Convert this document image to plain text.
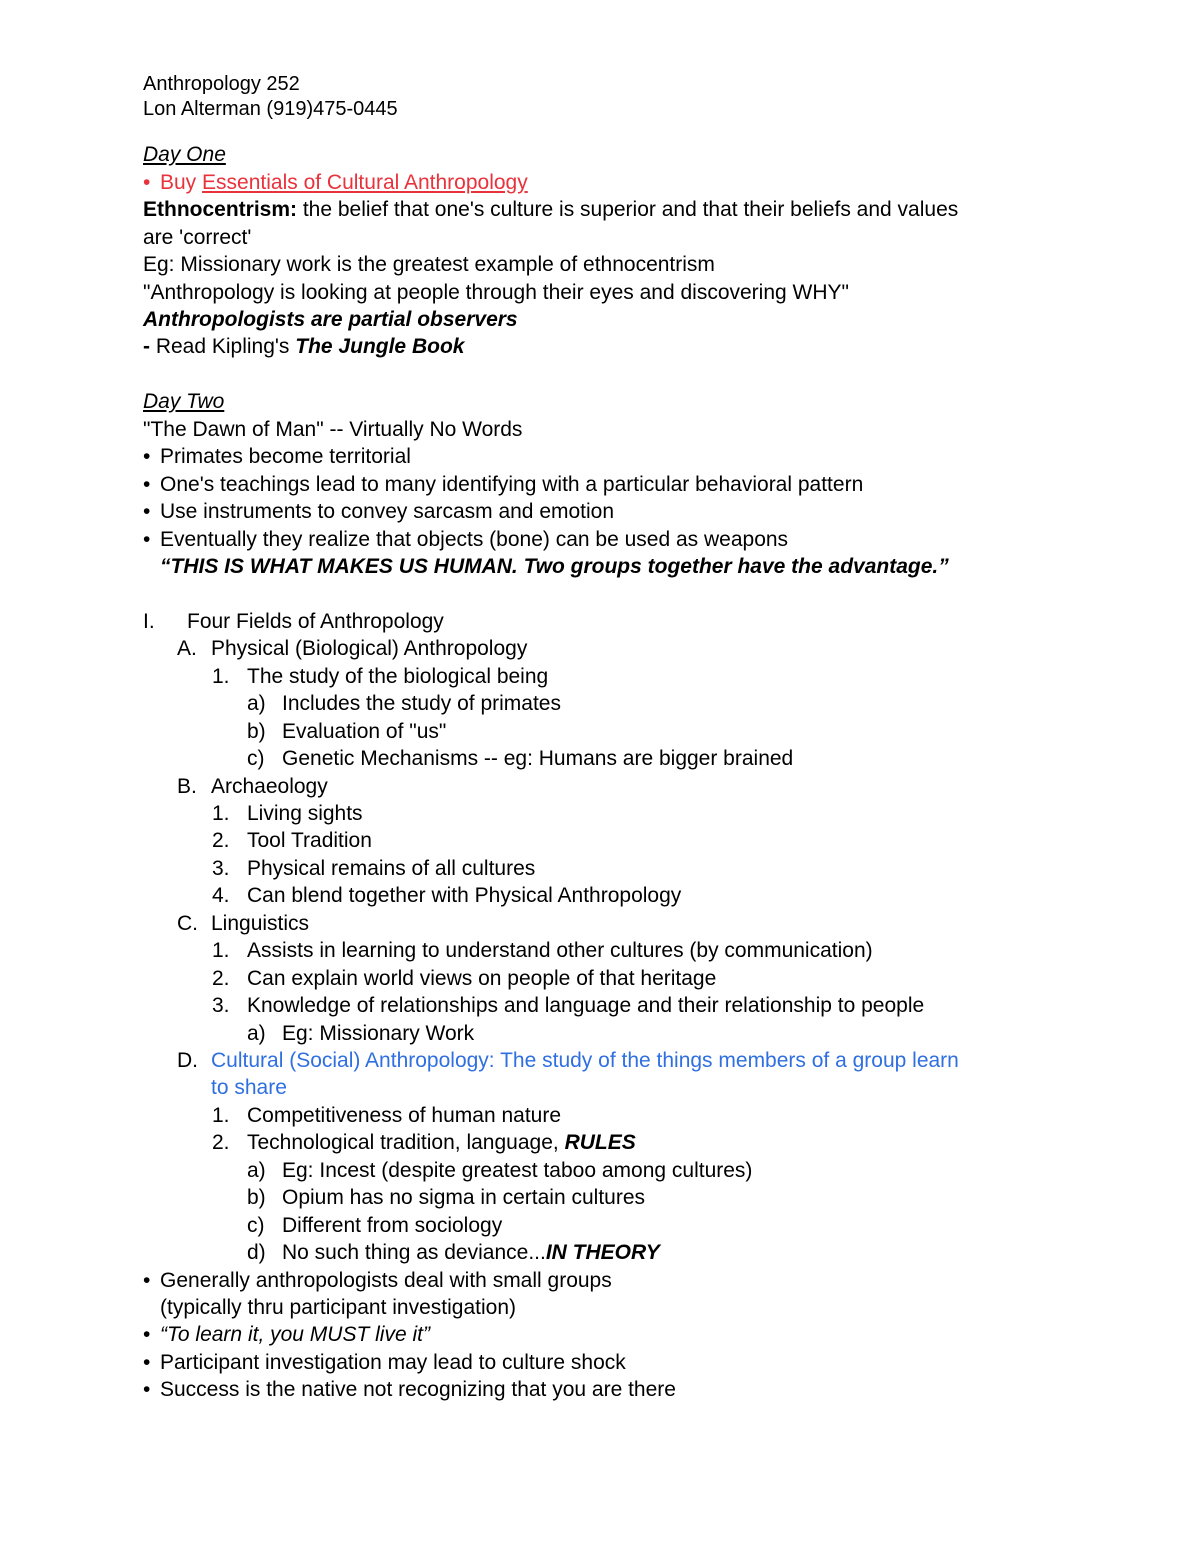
Anthropology 252
Lon Alterman (919)475-0445
Day One
• Buy Essentials of Cultural Anthropology
Ethnocentrism: the belief that one's culture is superior and that their beliefs and values
are 'correct'
Eg: Missionary work is the greatest example of ethnocentrism
"Anthropology is looking at people through their eyes and discovering WHY"
Anthropologists are partial observers
- Read Kipling's The Jungle Book
Day Two
"The Dawn of Man" -- Virtually No Words
• Primates become territorial
• One's teachings lead to many identifying with a particular behavioral pattern
• Use instruments to convey sarcasm and emotion
• Eventually they realize that objects (bone) can be used as weapons
“THIS IS WHAT MAKES US HUMAN. Two groups together have the advantage.”
I. Four Fields of Anthropology
A. Physical (Biological) Anthropology
1. The study of the biological being
a) Includes the study of primates
b) Evaluation of "us"
c) Genetic Mechanisms -- eg: Humans are bigger brained
B. Archaeology
1. Living sights
2. Tool Tradition
3. Physical remains of all cultures
4. Can blend together with Physical Anthropology
C. Linguistics
1. Assists in learning to understand other cultures (by communication)
2. Can explain world views on people of that heritage
3. Knowledge of relationships and language and their relationship to people
a) Eg: Missionary Work
D. Cultural (Social) Anthropology: The study of the things members of a group learn
to share
1. Competitiveness of human nature
2. Technological tradition, language, RULES
a) Eg: Incest (despite greatest taboo among cultures)
b) Opium has no sigma in certain cultures
c) Different from sociology
d) No such thing as deviance...IN THEORY
• Generally anthropologists deal with small groups
(typically thru participant investigation)
• “To learn it, you MUST live it”
• Participant investigation may lead to culture shock
• Success is the native not recognizing that you are there
